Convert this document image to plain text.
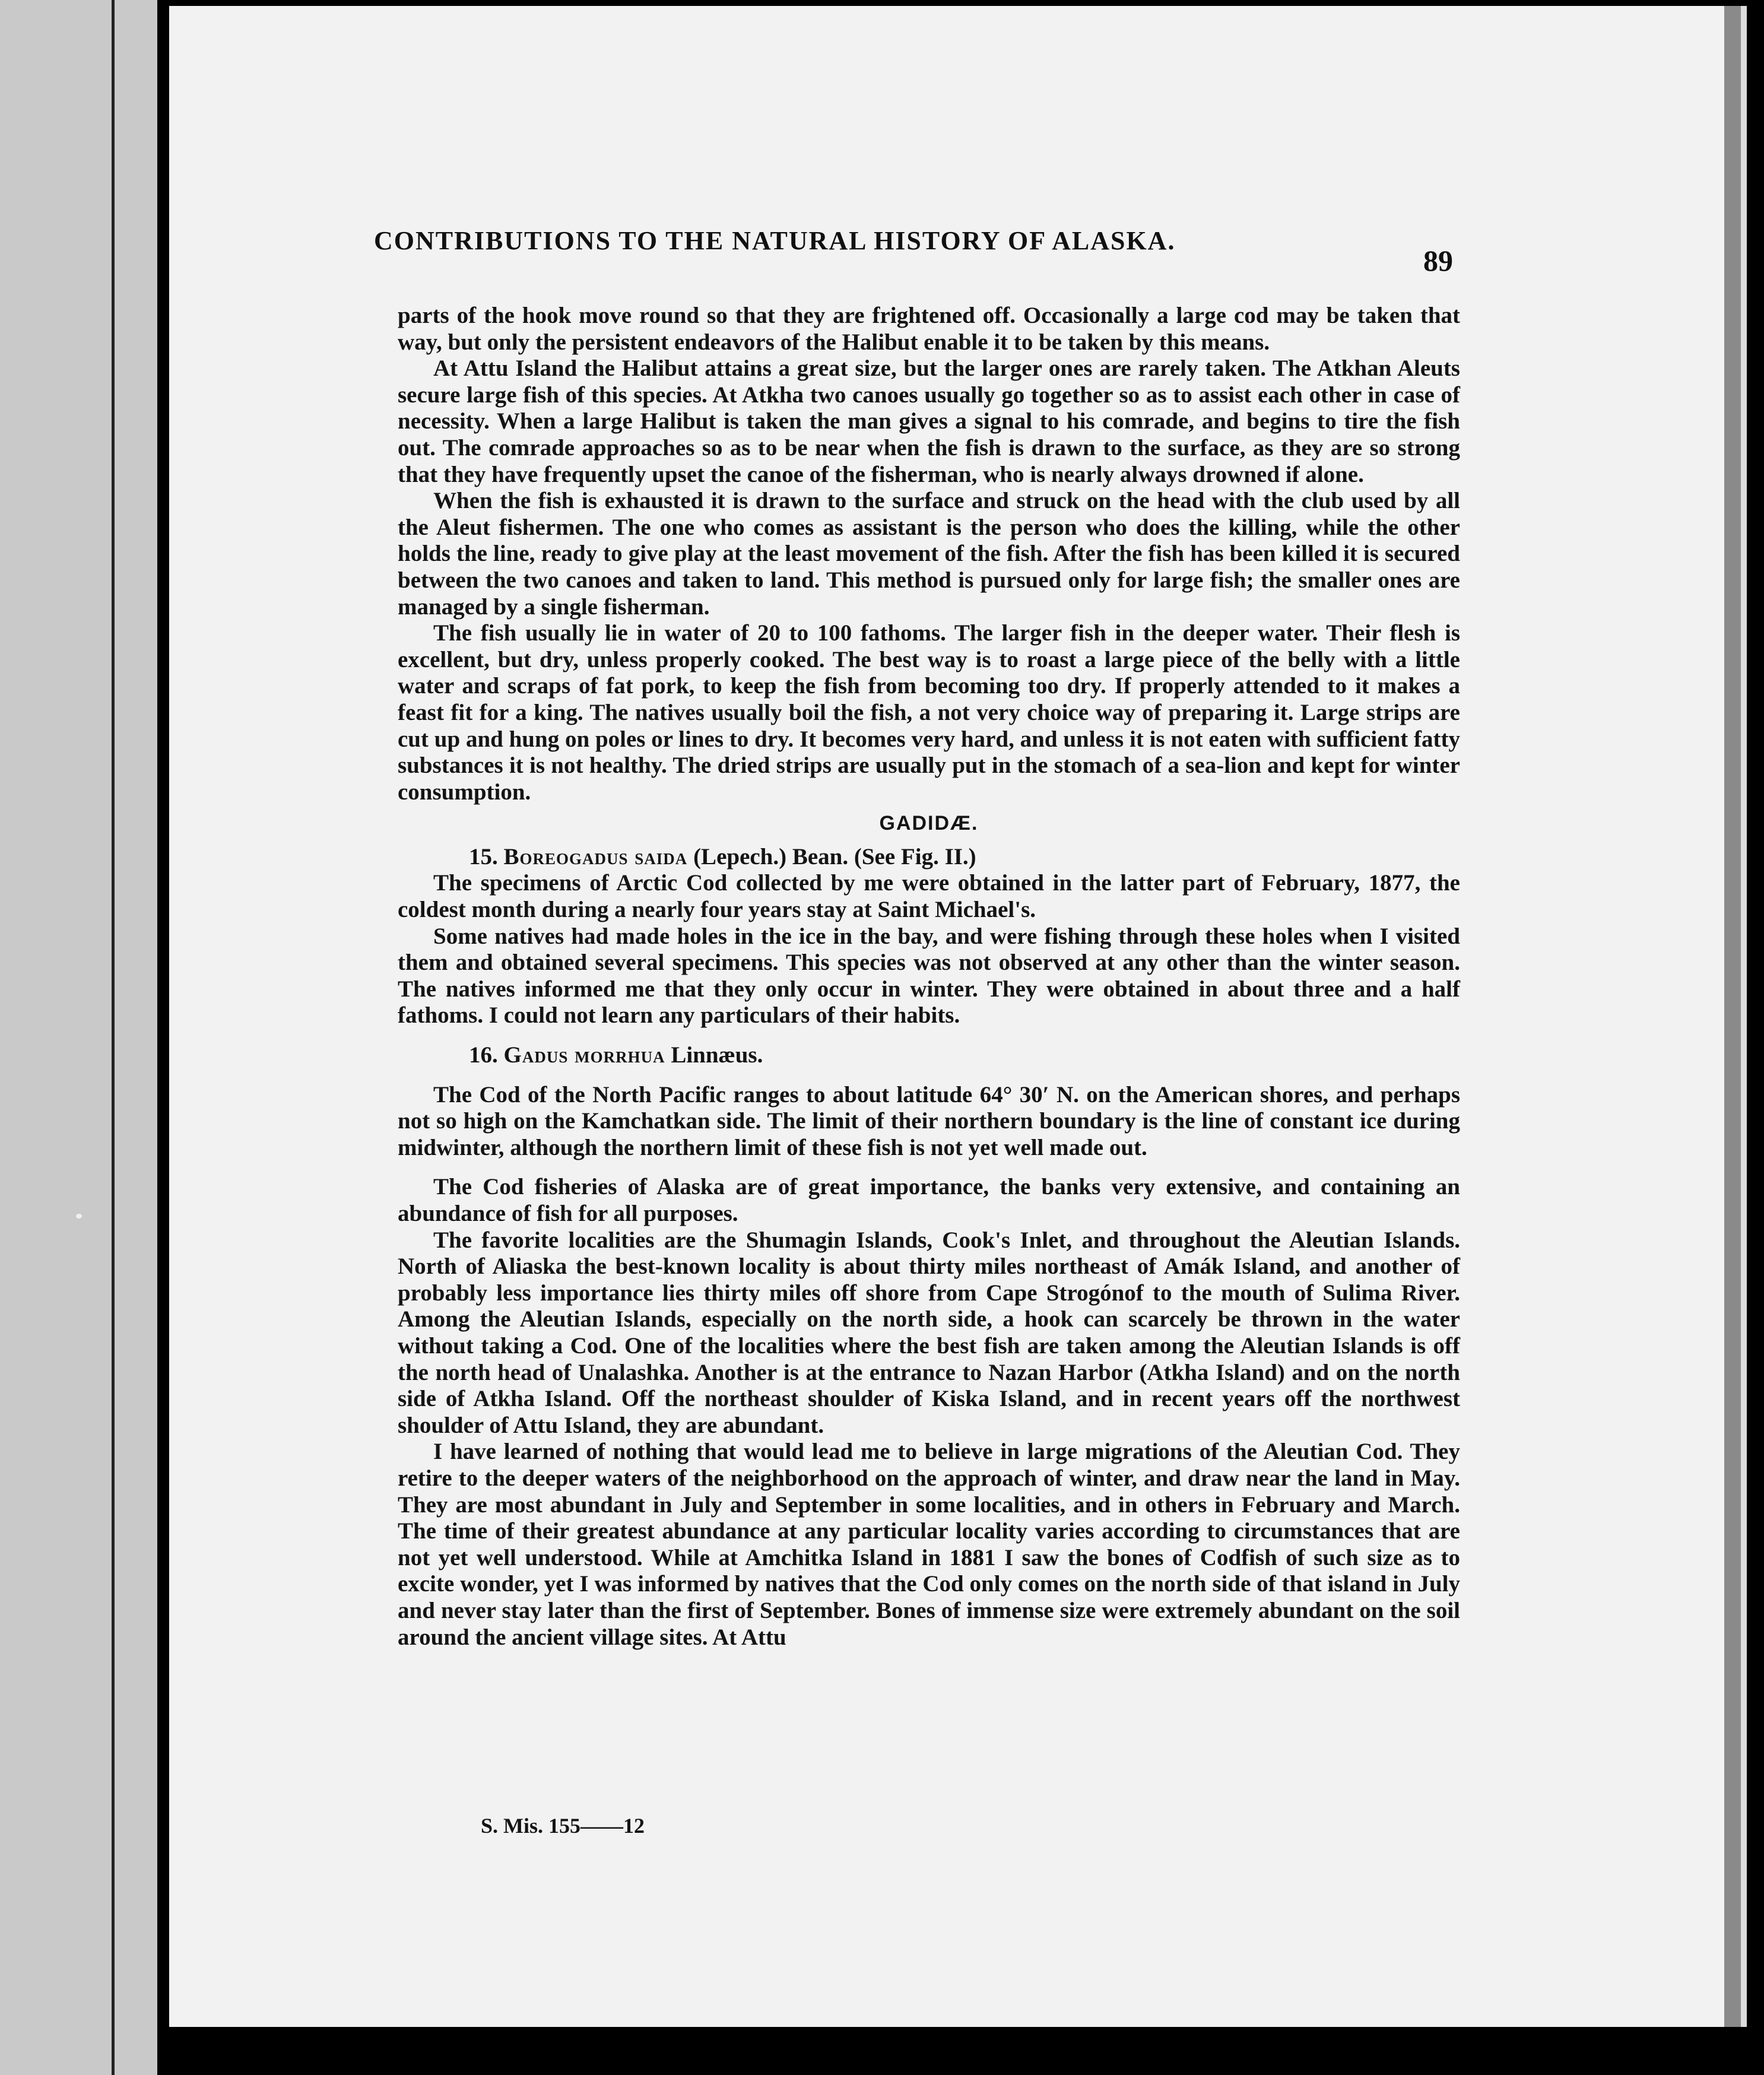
CONTRIBUTIONS TO THE NATURAL HISTORY OF ALASKA.
89

parts of the hook move round so that they are frightened off. Occasionally a large cod may be taken that way, but only the persistent endeavors of the Halibut enable it to be taken by this means.

At Attu Island the Halibut attains a great size, but the larger ones are rarely taken. The Atkhan Aleuts secure large fish of this species. At Atkha two canoes usually go together so as to assist each other in case of necessity. When a large Halibut is taken the man gives a signal to his comrade, and begins to tire the fish out. The comrade approaches so as to be near when the fish is drawn to the surface, as they are so strong that they have frequently upset the canoe of the fisherman, who is nearly always drowned if alone.

When the fish is exhausted it is drawn to the surface and struck on the head with the club used by all the Aleut fishermen. The one who comes as assistant is the person who does the killing, while the other holds the line, ready to give play at the least movement of the fish. After the fish has been killed it is secured between the two canoes and taken to land. This method is pursued only for large fish; the smaller ones are managed by a single fisherman.

The fish usually lie in water of 20 to 100 fathoms. The larger fish in the deeper water. Their flesh is excellent, but dry, unless properly cooked. The best way is to roast a large piece of the belly with a little water and scraps of fat pork, to keep the fish from becoming too dry. If properly attended to it makes a feast fit for a king. The natives usually boil the fish, a not very choice way of preparing it. Large strips are cut up and hung on poles or lines to dry. It becomes very hard, and unless it is not eaten with sufficient fatty substances it is not healthy. The dried strips are usually put in the stomach of a sea-lion and kept for winter consumption.

GADIDÆ.

15. Boreogadus saida (Lepech.) Bean. (See Fig. II.)

The specimens of Arctic Cod collected by me were obtained in the latter part of February, 1877, the coldest month during a nearly four years stay at Saint Michael's.

Some natives had made holes in the ice in the bay, and were fishing through these holes when I visited them and obtained several specimens. This species was not observed at any other than the winter season. The natives informed me that they only occur in winter. They were obtained in about three and a half fathoms. I could not learn any particulars of their habits.

16. Gadus morrhua Linnæus.

The Cod of the North Pacific ranges to about latitude 64° 30′ N. on the American shores, and perhaps not so high on the Kamchatkan side. The limit of their northern boundary is the line of constant ice during midwinter, although the northern limit of these fish is not yet well made out.

The Cod fisheries of Alaska are of great importance, the banks very extensive, and containing an abundance of fish for all purposes.

The favorite localities are the Shumagin Islands, Cook's Inlet, and throughout the Aleutian Islands. North of Aliaska the best-known locality is about thirty miles northeast of Amák Island, and another of probably less importance lies thirty miles off shore from Cape Strogónof to the mouth of Sulima River. Among the Aleutian Islands, especially on the north side, a hook can scarcely be thrown in the water without taking a Cod. One of the localities where the best fish are taken among the Aleutian Islands is off the north head of Unalashka. Another is at the entrance to Nazan Harbor (Atkha Island) and on the north side of Atkha Island. Off the northeast shoulder of Kiska Island, and in recent years off the northwest shoulder of Attu Island, they are abundant.

I have learned of nothing that would lead me to believe in large migrations of the Aleutian Cod. They retire to the deeper waters of the neighborhood on the approach of winter, and draw near the land in May. They are most abundant in July and September in some localities, and in others in February and March. The time of their greatest abundance at any particular locality varies according to circumstances that are not yet well understood. While at Amchitka Island in 1881 I saw the bones of Codfish of such size as to excite wonder, yet I was informed by natives that the Cod only comes on the north side of that island in July and never stay later than the first of September. Bones of immense size were extremely abundant on the soil around the ancient village sites. At Attu

S. Mis. 155——12
